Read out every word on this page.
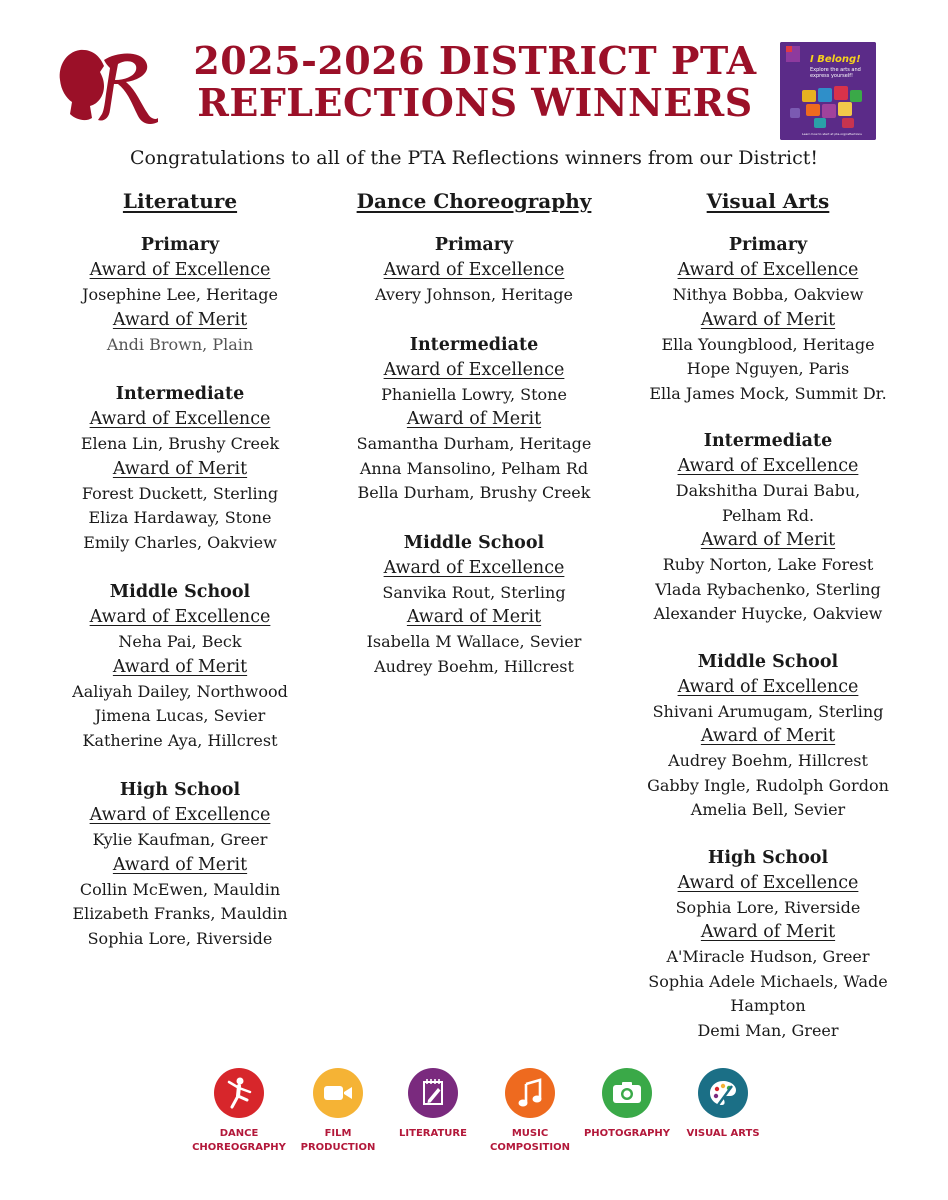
2025-2026 DISTRICT PTA
REFLECTIONS WINNERS
I Belong!
Explore the arts and express yourself!
Learn how to start at pta.org/reflections
Congratulations to all of the PTA Reflections winners from our District!
Literature
Primary
Award of Excellence
Josephine Lee, Heritage
Award of Merit
Andi Brown, Plain
Intermediate
Award of Excellence
Elena Lin, Brushy Creek
Award of Merit
Forest Duckett, Sterling
Eliza Hardaway, Stone
Emily Charles, Oakview
Middle School
Award of Excellence
Neha Pai, Beck
Award of Merit
Aaliyah Dailey, Northwood
Jimena Lucas, Sevier
Katherine Aya, Hillcrest
High School
Award of Excellence
Kylie Kaufman, Greer
Award of Merit
Collin McEwen, Mauldin
Elizabeth Franks, Mauldin
Sophia Lore, Riverside
Dance Choreography
Primary
Award of Excellence
Avery Johnson, Heritage
Intermediate
Award of Excellence
Phaniella Lowry, Stone
Award of Merit
Samantha Durham, Heritage
Anna Mansolino, Pelham Rd
Bella Durham, Brushy Creek
Middle School
Award of Excellence
Sanvika Rout, Sterling
Award of Merit
Isabella M Wallace, Sevier
Audrey Boehm, Hillcrest
Visual Arts
Primary
Award of Excellence
Nithya Bobba, Oakview
Award of Merit
Ella Youngblood, Heritage
Hope Nguyen, Paris
Ella James Mock, Summit Dr.
Intermediate
Award of Excellence
Dakshitha Durai Babu,
Pelham Rd.
Award of Merit
Ruby Norton, Lake Forest
Vlada Rybachenko, Sterling
Alexander Huycke, Oakview
Middle School
Award of Excellence
Shivani Arumugam, Sterling
Award of Merit
Audrey Boehm, Hillcrest
Gabby Ingle, Rudolph Gordon
Amelia Bell, Sevier
High School
Award of Excellence
Sophia Lore, Riverside
Award of Merit
A'Miracle Hudson, Greer
Sophia Adele Michaels, Wade
Hampton
Demi Man, Greer
DANCE
CHOREOGRAPHY
FILM
PRODUCTION
LITERATURE	MUSIC
COMPOSITION
PHOTOGRAPHY	VISUAL ARTS
